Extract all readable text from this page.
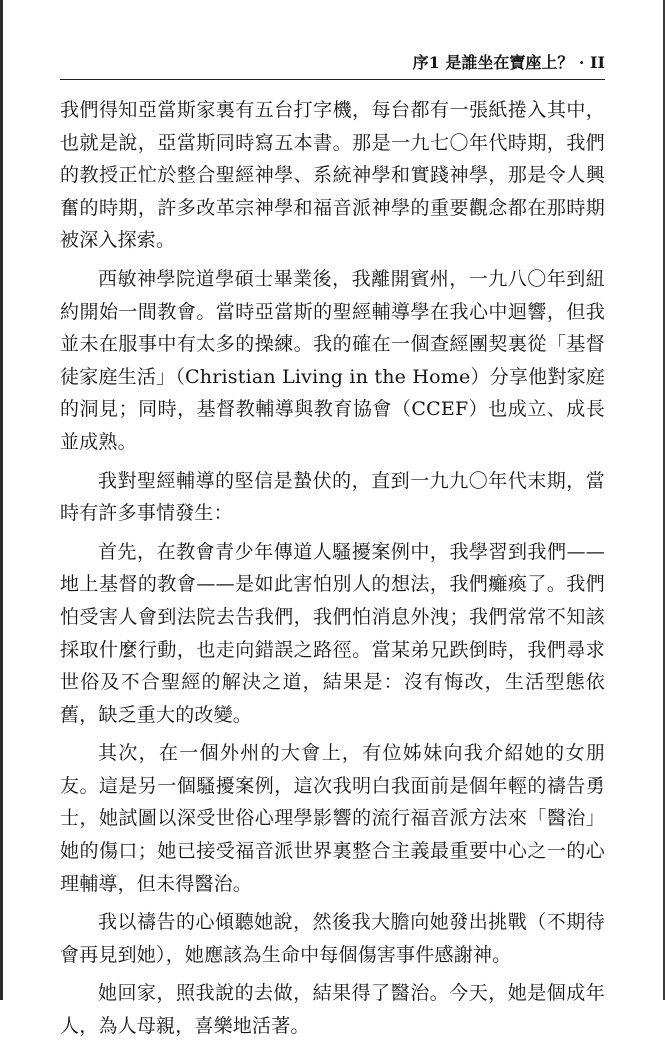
序1 是誰坐在寶座上？ · II

我們得知亞當斯家裏有五台打字機，每台都有一張紙捲入其中，也就是說，亞當斯同時寫五本書。那是一九七〇年代時期，我們的教授正忙於整合聖經神學、系統神學和實踐神學，那是令人興奮的時期，許多改革宗神學和福音派神學的重要觀念都在那時期被深入探索。

西敏神學院道學碩士畢業後，我離開賓州，一九八〇年到紐約開始一間教會。當時亞當斯的聖經輔導學在我心中迴響，但我並未在服事中有太多的操練。我的確在一個查經團契裏從「基督徒家庭生活」（Christian Living in the Home）分享他對家庭的洞見；同時，基督教輔導與教育協會（CCEF）也成立、成長並成熟。

我對聖經輔導的堅信是蟄伏的，直到一九九〇年代末期，當時有許多事情發生：

首先，在教會青少年傳道人騷擾案例中，我學習到我們——地上基督的教會——是如此害怕別人的想法，我們癱瘓了。我們怕受害人會到法院去告我們，我們怕消息外洩；我們常常不知該採取什麼行動，也走向錯誤之路徑。當某弟兄跌倒時，我們尋求世俗及不合聖經的解決之道，結果是：沒有悔改，生活型態依舊，缺乏重大的改變。

其次，在一個外州的大會上，有位姊妹向我介紹她的女朋友。這是另一個騷擾案例，這次我明白我面前是個年輕的禱告勇士，她試圖以深受世俗心理學影響的流行福音派方法來「醫治」她的傷口；她已接受福音派世界裏整合主義最重要中心之一的心理輔導，但未得醫治。

我以禱告的心傾聽她說，然後我大膽向她發出挑戰（不期待會再見到她），她應該為生命中每個傷害事件感謝神。

她回家，照我說的去做，結果得了醫治。今天，她是個成年人，為人母親，喜樂地活著。
